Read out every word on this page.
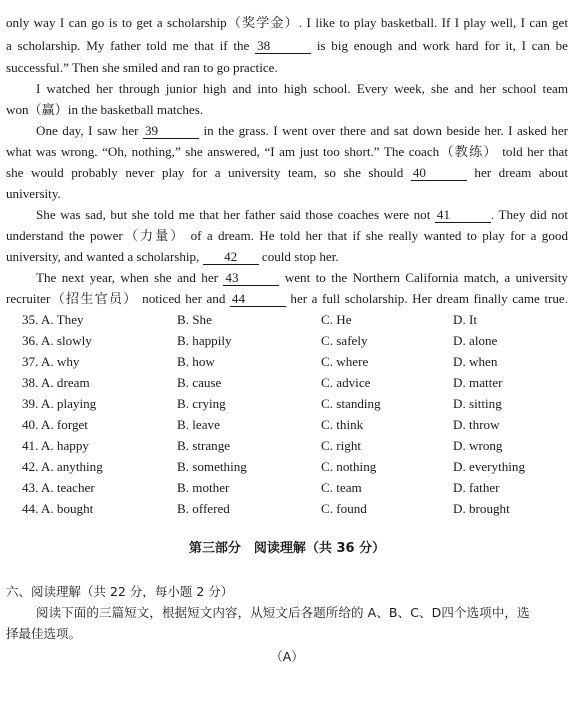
only way I can go is to get a scholarship（奖学金）. I like to play basketball. If I play well, I can get
a scholarship. My father told me that if the 38	is big enough and work hard for it, I can be
successful.” Then she smiled and ran to go practice.
I watched her through junior high and into high school. Every week, she and her school team
won（赢）in the basketball matches.
One day, I saw her 39	in the grass. I went over there and sat down beside her. I asked her
what was wrong. “Oh, nothing,” she answered, “I am just too short.” The coach（教练） told her that
she would probably never play for a university team, so she should 40	her dream about
university.
She was sad, but she told me that her father said those coaches were not 41	. They did not
understand the power（力量） of a dream. He told her that if she really wanted to play for a good
university, and wanted a scholarship, 42 could stop her.
The next year, when she and her 43	went to the Northern California match, a university
recruiter（招生官员） noticed her and 44	her a full scholarship. Her dream finally came true.
35. A. They	B. She	C. He	D. It
36. A. slowly	B. happily	C. safely	D. alone
37. A. why	B. how	C. where	D. when
38. A. dream	B. cause	C. advice	D. matter
39. A. playing	B. crying	C. standing	D. sitting
40. A. forget	B. leave	C. think	D. throw
41. A. happy	B. strange	C. right	D. wrong
42. A. anything	B. something	C. nothing	D. everything
43. A. teacher	B. mother	C. team	D. father
44. A. bought	B. offered	C. found	D. brought
第三部分　阅读理解（共 36 分）
六、阅读理解（共 22 分，每小题 2 分）
阅读下面的三篇短文，根据短文内容，从短文后各题所给的 A、B、C、D四个选项中，选
择最佳选项。
（A）
